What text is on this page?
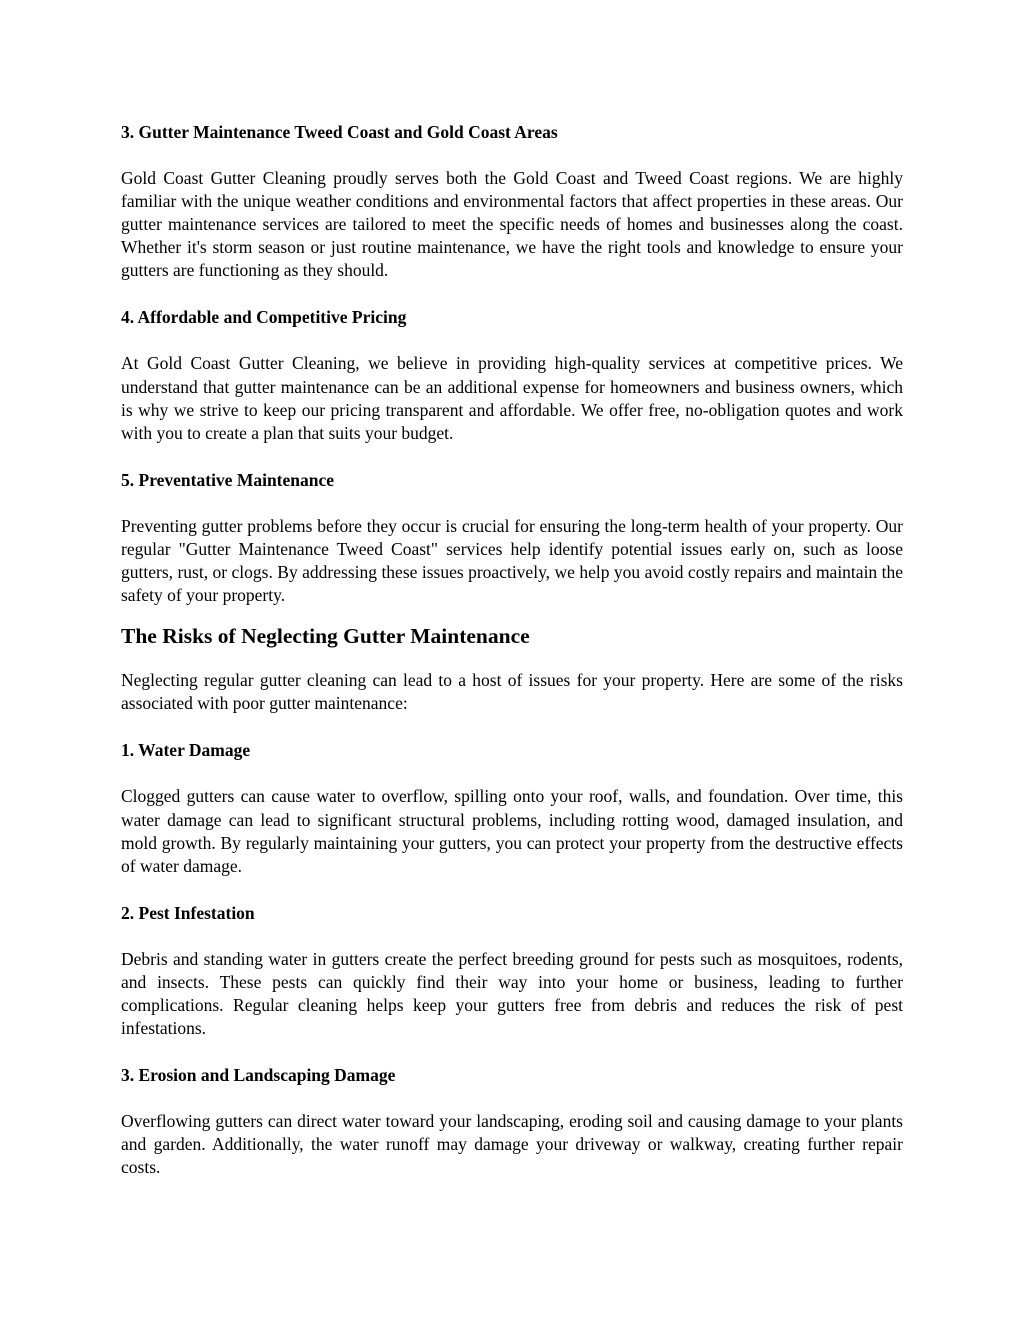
3. Gutter Maintenance Tweed Coast and Gold Coast Areas

Gold Coast Gutter Cleaning proudly serves both the Gold Coast and Tweed Coast regions. We are highly familiar with the unique weather conditions and environmental factors that affect properties in these areas. Our gutter maintenance services are tailored to meet the specific needs of homes and businesses along the coast. Whether it's storm season or just routine maintenance, we have the right tools and knowledge to ensure your gutters are functioning as they should.

4. Affordable and Competitive Pricing

At Gold Coast Gutter Cleaning, we believe in providing high-quality services at competitive prices. We understand that gutter maintenance can be an additional expense for homeowners and business owners, which is why we strive to keep our pricing transparent and affordable. We offer free, no-obligation quotes and work with you to create a plan that suits your budget.

5. Preventative Maintenance

Preventing gutter problems before they occur is crucial for ensuring the long-term health of your property. Our regular "Gutter Maintenance Tweed Coast" services help identify potential issues early on, such as loose gutters, rust, or clogs. By addressing these issues proactively, we help you avoid costly repairs and maintain the safety of your property.

The Risks of Neglecting Gutter Maintenance

Neglecting regular gutter cleaning can lead to a host of issues for your property. Here are some of the risks associated with poor gutter maintenance:

1. Water Damage

Clogged gutters can cause water to overflow, spilling onto your roof, walls, and foundation. Over time, this water damage can lead to significant structural problems, including rotting wood, damaged insulation, and mold growth. By regularly maintaining your gutters, you can protect your property from the destructive effects of water damage.

2. Pest Infestation

Debris and standing water in gutters create the perfect breeding ground for pests such as mosquitoes, rodents, and insects. These pests can quickly find their way into your home or business, leading to further complications. Regular cleaning helps keep your gutters free from debris and reduces the risk of pest infestations.

3. Erosion and Landscaping Damage

Overflowing gutters can direct water toward your landscaping, eroding soil and causing damage to your plants and garden. Additionally, the water runoff may damage your driveway or walkway, creating further repair costs.
